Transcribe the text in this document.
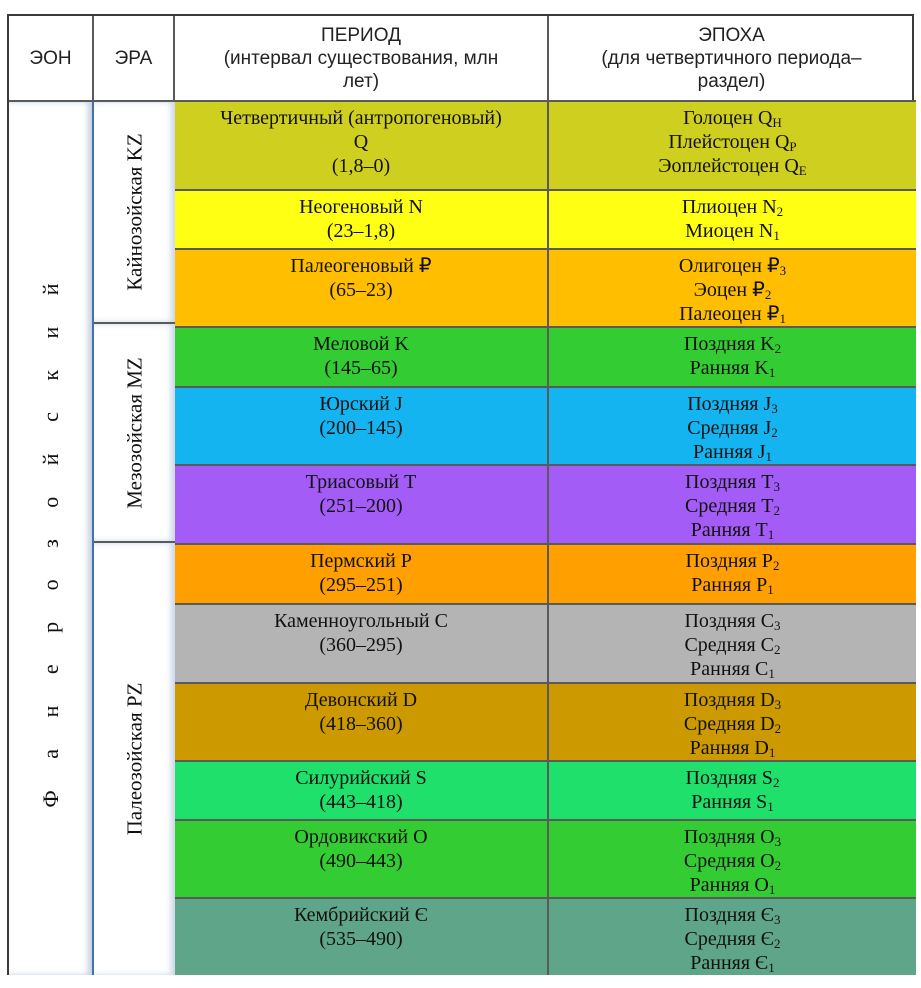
ЭОН ЭРА
ПЕРИОД
(интервал существования, млн
лет)
ЭПОХА
(для четвертичного периода–
раздел)
Ф а н е р о з о й с к и й
Кайнозойская KZ
Мезозойская MZ
Палеозойская PZ
Четвертичный (антропогеновый)
Q
(1,8–0)
Голоцен $Q_H$
Плейстоцен $Q_P$
Эоплейстоцен $Q_E$
Неогеновый N
(23–1,8)
Плиоцен $N_2$
Миоцен $N_1$
Палеогеновый ₽
(65–23)
Олигоцен $₽_3$
Эоцен $₽_2$
Палеоцен $₽_1$
Меловой K
(145–65)
Поздняя $K_2$
Ранняя $K_1$
Юрский J
(200–145)
Поздняя $J_3$
Средняя $J_2$
Ранняя $J_1$
Триасовый T
(251–200)
Поздняя $T_3$
Средняя $T_2$
Ранняя $T_1$
Пермский P
(295–251)
Поздняя $P_2$
Ранняя $P_1$
Каменноугольный C
(360–295)
Поздняя $C_3$
Средняя $C_2$
Ранняя $C_1$
Девонский D
(418–360)
Поздняя $D_3$
Средняя $D_2$
Ранняя $D_1$
Силурийский S
(443–418)
Поздняя $S_2$
Ранняя $S_1$
Ордовикский O
(490–443)
Поздняя $O_3$
Средняя $O_2$
Ранняя $O_1$
Кембрийский Є
(535–490)
Поздняя $Є_3$
Средняя $Є_2$
Ранняя $Є_1$
